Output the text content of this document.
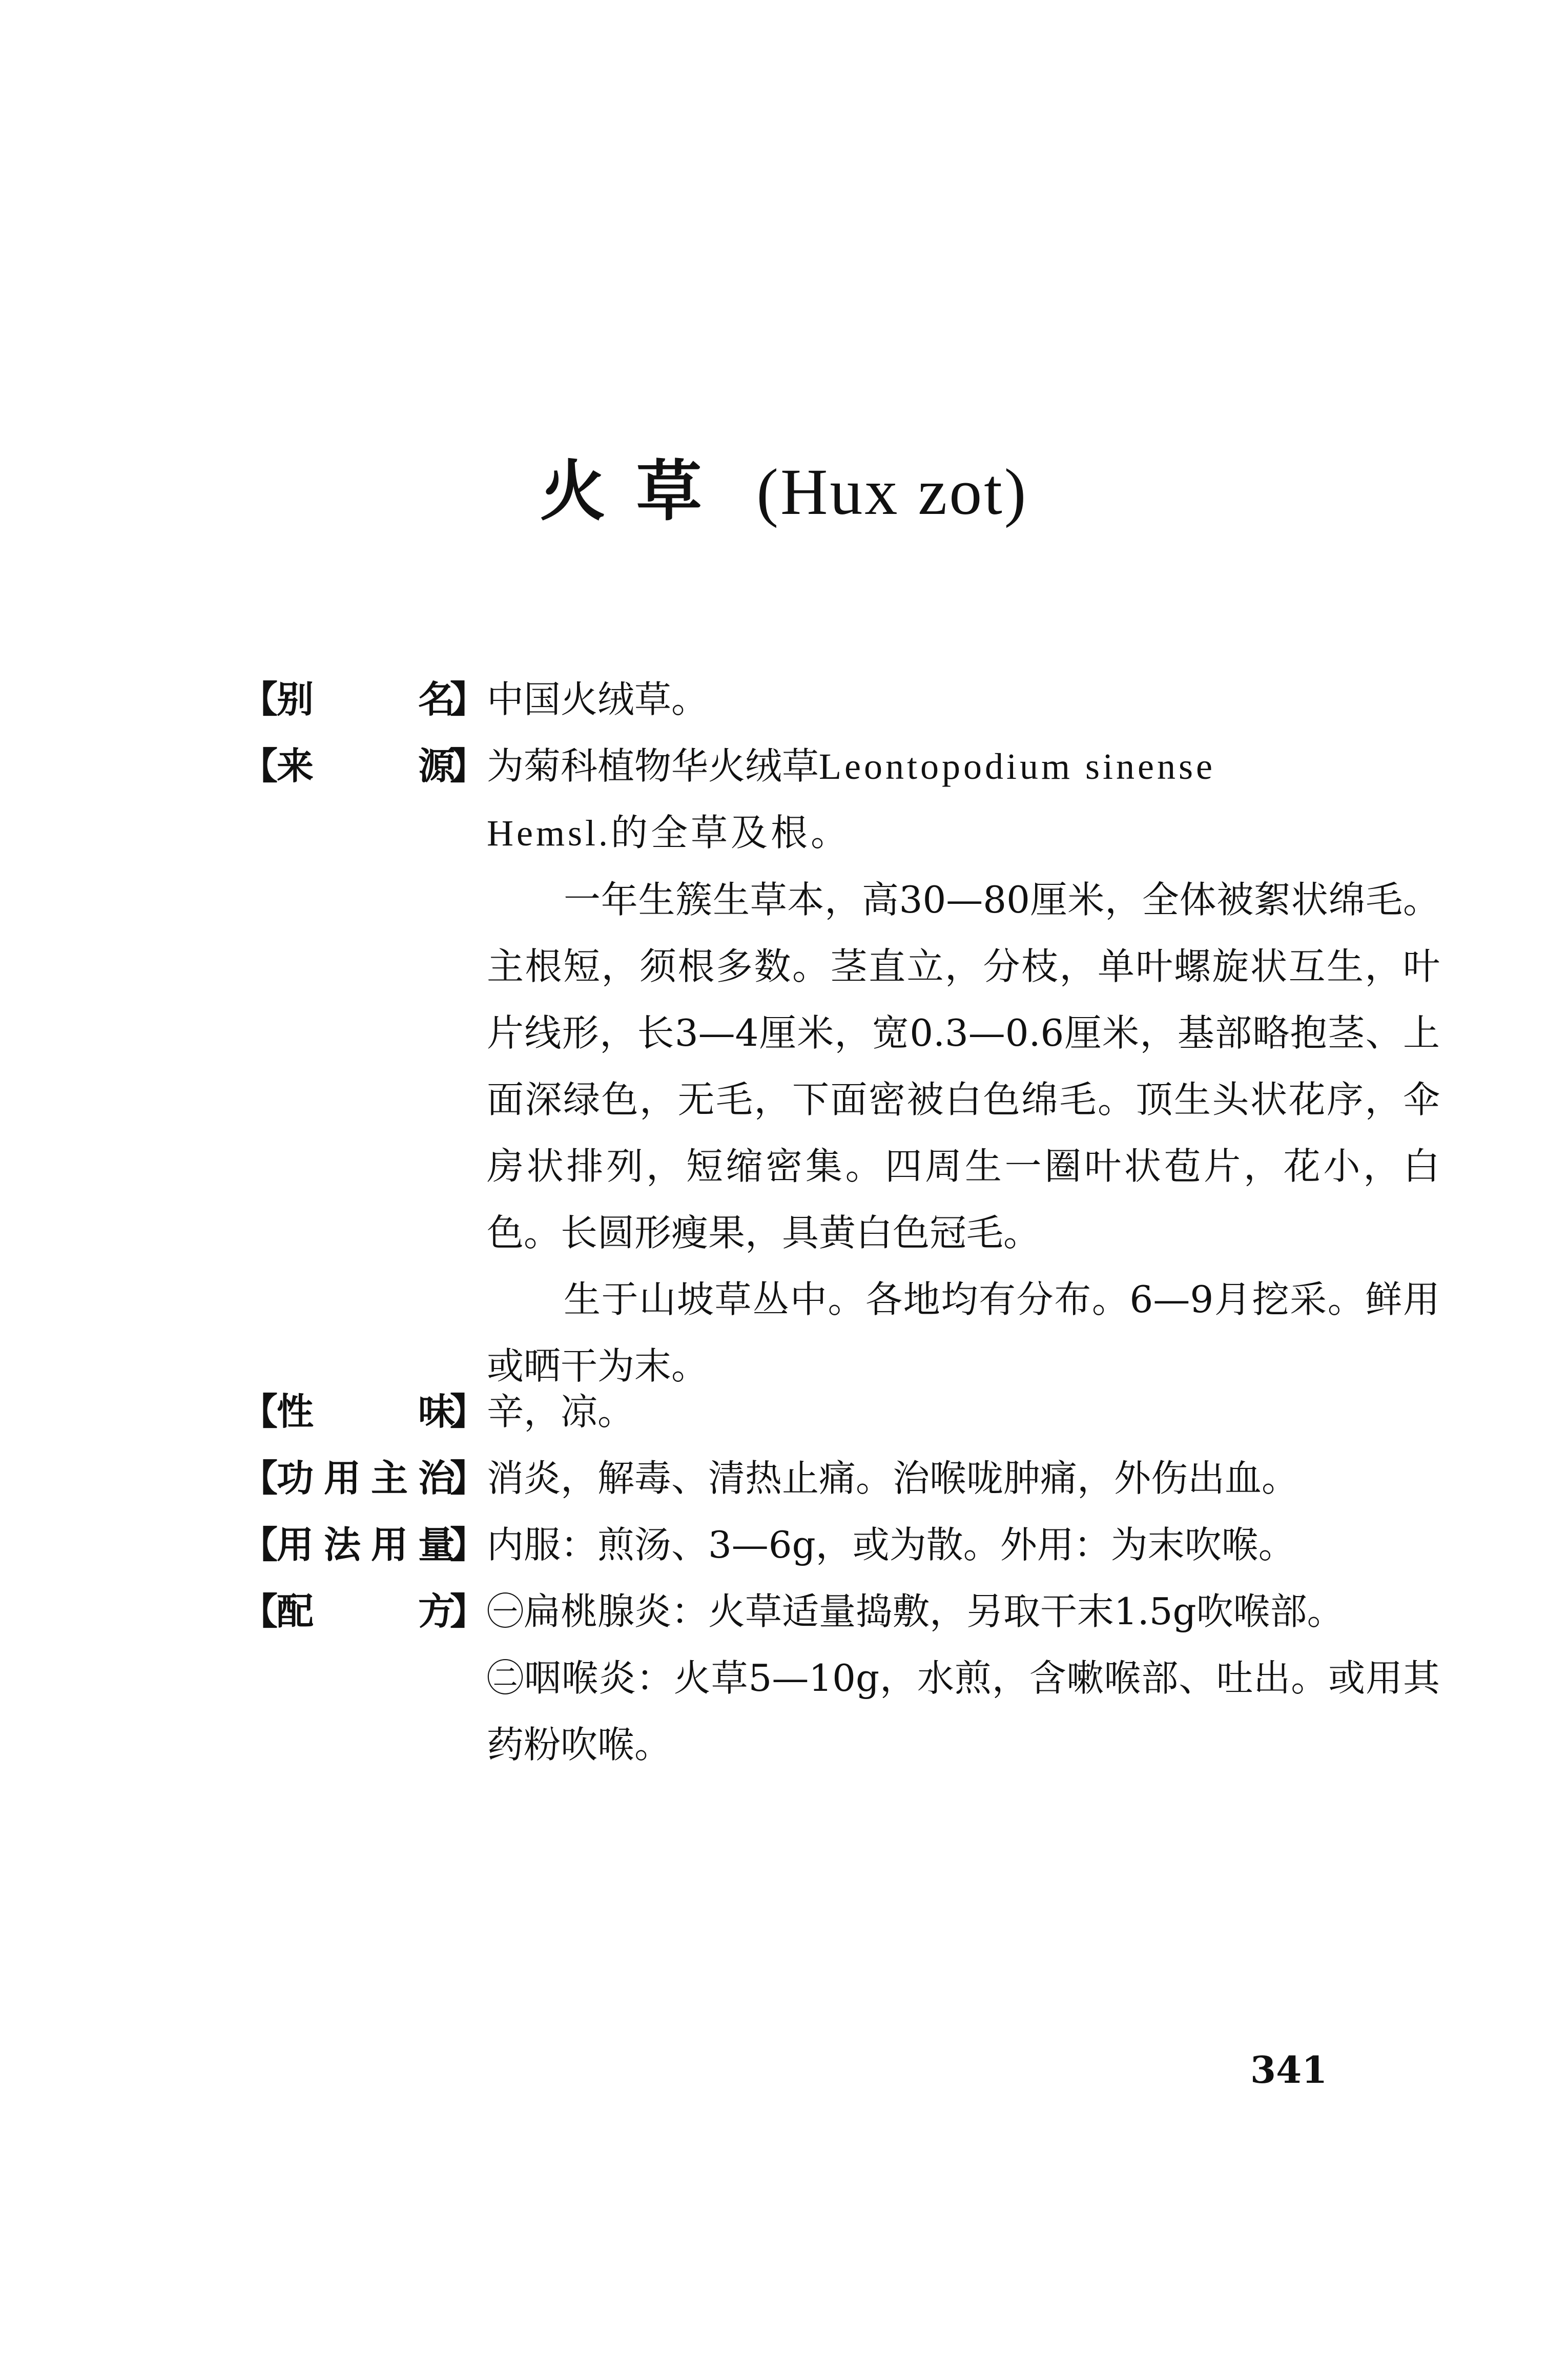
火草 (Hux zot)
【
别　名
】 中国火绒草。

【
来　源
】 为菊科植物华火绒草Leontopodium sinense

Hemsl.的全草及根。

一年生簇生草本，高30—80厘米，全体被絮状绵毛。主根短，须根多数。茎直立，分枝，单叶螺旋状互生，叶片线形，长3—4厘米，宽0.3—0.6厘米，基部略抱茎、上面深绿色，无毛，下面密被白色绵毛。顶生头状花序，伞房状排列，短缩密集。四周生一圈叶状苞片，花小，白色。长圆形瘦果，具黄白色冠毛。

生于山坡草丛中。各地均有分布。6—9月挖采。鲜用或晒干为末。

【
性　味
】 辛，凉。

【
功用主治
】 消炎，解毒、清热止痛。治喉咙肿痛，外伤出血。

【
用法用量
】 内服：煎汤、3—6g，或为散。外用：为末吹喉。

【
配　方
】 ㊀扁桃腺炎：火草适量捣敷，另取干末1.5g吹喉部。

㊁咽喉炎：火草5—10g，水煎，含嗽喉部、吐出。或用其药粉吹喉。

341
